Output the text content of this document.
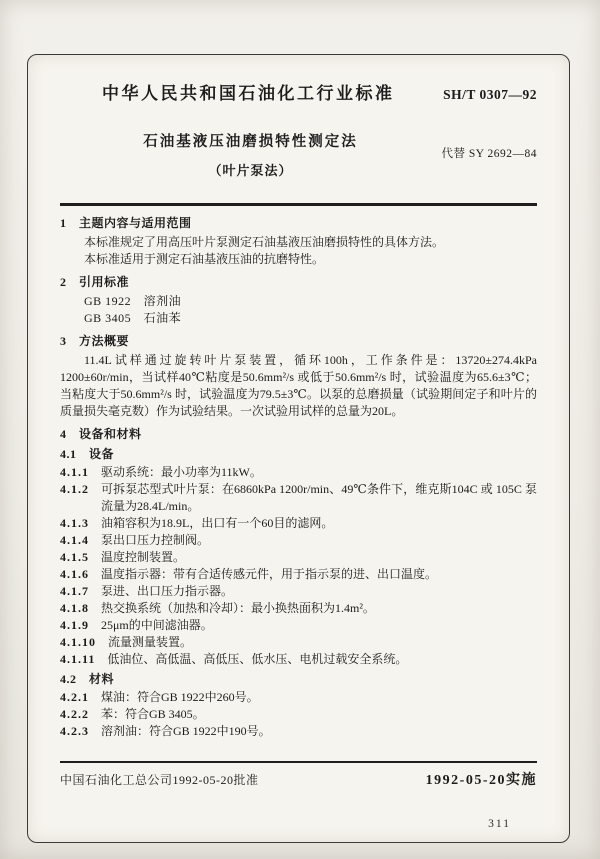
中华人民共和国石油化工行业标准	SH/T 0307—92
石油基液压油磨损特性测定法
（叶片泵法）
代替 SY 2692—84
1　主题内容与适用范围
本标准规定了用高压叶片泵测定石油基液压油磨损特性的具体方法。
本标准适用于测定石油基液压油的抗磨特性。
2　引用标准
GB 1922　溶剂油
GB 3405　石油苯
3　方法概要
11.4L试样通过旋转叶片泵装置，循环100h，工作条件是：13720±274.4kPa 1200±60r/min，当试样40℃粘度是50.6mm²/s 或低于50.6mm²/s 时，试验温度为65.6±3℃；当粘度大于50.6mm²/s 时，试验温度为79.5±3℃。以泵的总磨损量（试验期间定子和叶片的质量损失毫克数）作为试验结果。一次试验用试样的总量为20L。
4　设备和材料
4.1　设备
4.1.1 驱动系统：最小功率为11kW。
4.1.2 可拆泵芯型式叶片泵：在6860kPa 1200r/min、49℃条件下，维克斯104C 或 105C 泵流量为28.4L/min。
4.1.3 油箱容积为18.9L，出口有一个60目的滤网。
4.1.4 泵出口压力控制阀。
4.1.5 温度控制装置。
4.1.6 温度指示器：带有合适传感元件，用于指示泵的进、出口温度。
4.1.7 泵进、出口压力指示器。
4.1.8 热交换系统（加热和冷却）：最小换热面积为1.4m²。
4.1.9 25μm的中间滤油器。
4.1.10 流量测量装置。
4.1.11 低油位、高低温、高低压、低水压、电机过载安全系统。
4.2　材料
4.2.1 煤油：符合GB 1922中260号。
4.2.2 苯：符合GB 3405。
4.2.3 溶剂油：符合GB 1922中190号。
中国石油化工总公司1992-05-20批准	1992-05-20实施
311
